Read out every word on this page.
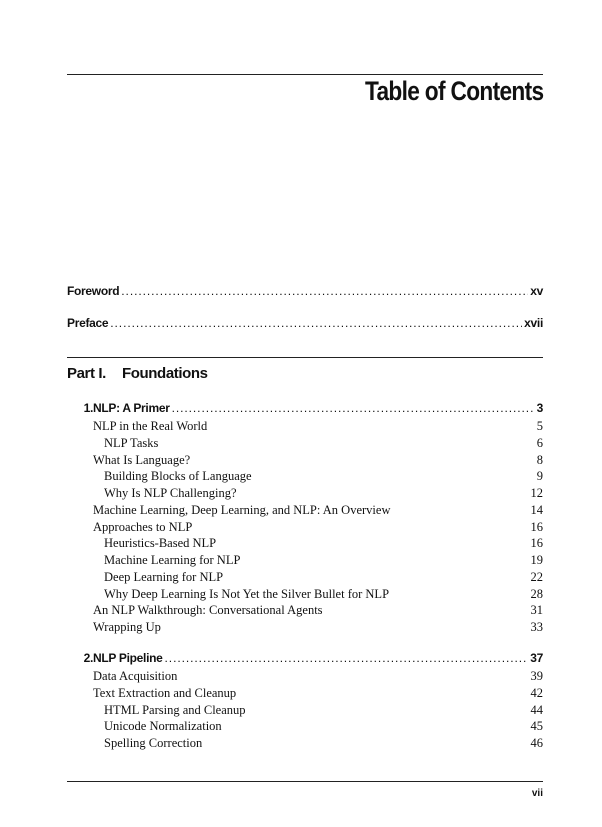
Table of Contents
Foreword . . .	xv
Preface . . .	xvii
Part I.	Foundations
1. NLP: A Primer . . .	3
NLP in the Real World	5
NLP Tasks	6
What Is Language?	8
Building Blocks of Language	9
Why Is NLP Challenging?	12
Machine Learning, Deep Learning, and NLP: An Overview	14
Approaches to NLP	16
Heuristics-Based NLP	16
Machine Learning for NLP	19
Deep Learning for NLP	22
Why Deep Learning Is Not Yet the Silver Bullet for NLP	28
An NLP Walkthrough: Conversational Agents	31
Wrapping Up	33
2. NLP Pipeline . . .	37
Data Acquisition	39
Text Extraction and Cleanup	42
HTML Parsing and Cleanup	44
Unicode Normalization	45
Spelling Correction	46
vii
